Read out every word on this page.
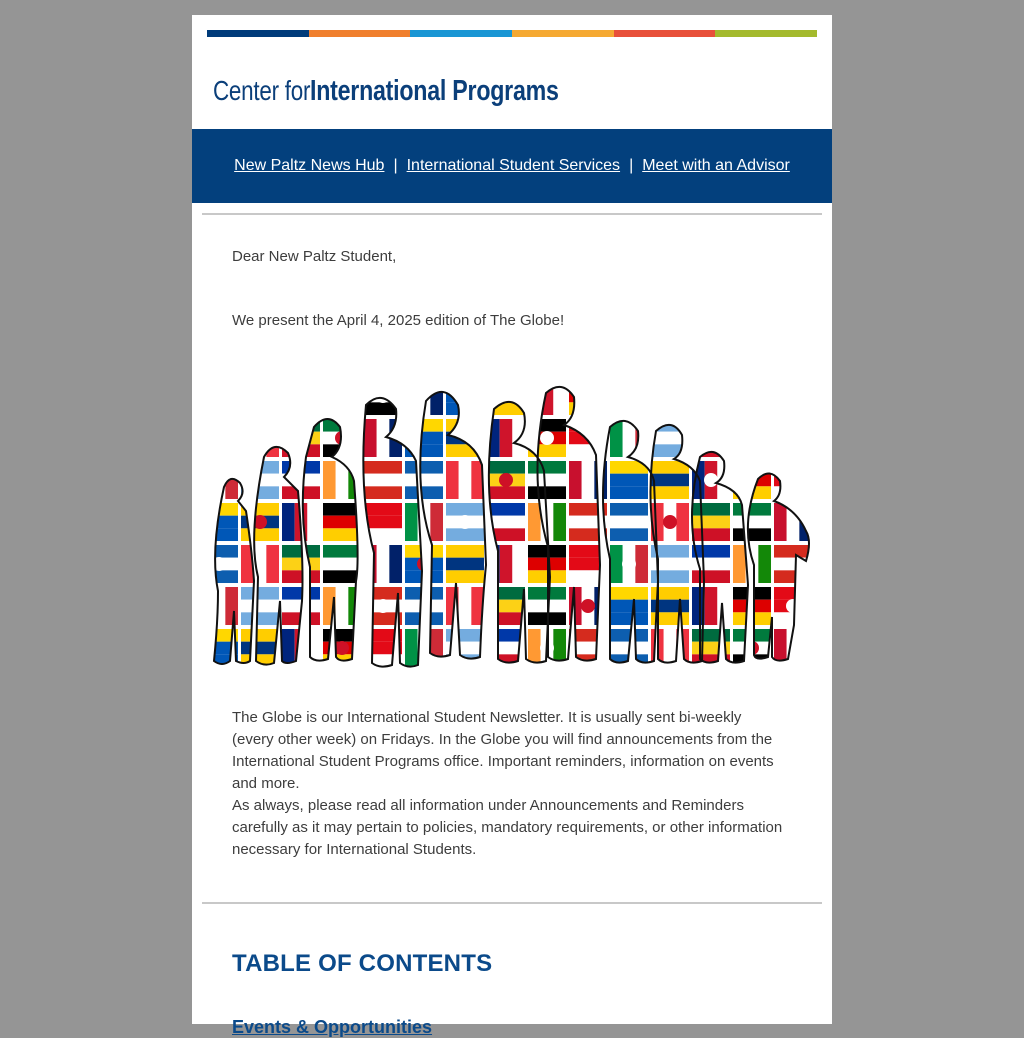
Center for International Programs
New Paltz News Hub | International Student Services | Meet with an Advisor
Dear New Paltz Student,
We present the April 4, 2025 edition of The Globe!
The Globe is our International Student Newsletter. It is usually sent bi-weekly (every other week) on Fridays. In the Globe you will find announcements from the International Student Programs office. Important reminders, information on events and more.
As always, please read all information under Announcements and Reminders carefully as it may pertain to policies, mandatory requirements, or other information necessary for International Students.
TABLE OF CONTENTS
Events & Opportunities
